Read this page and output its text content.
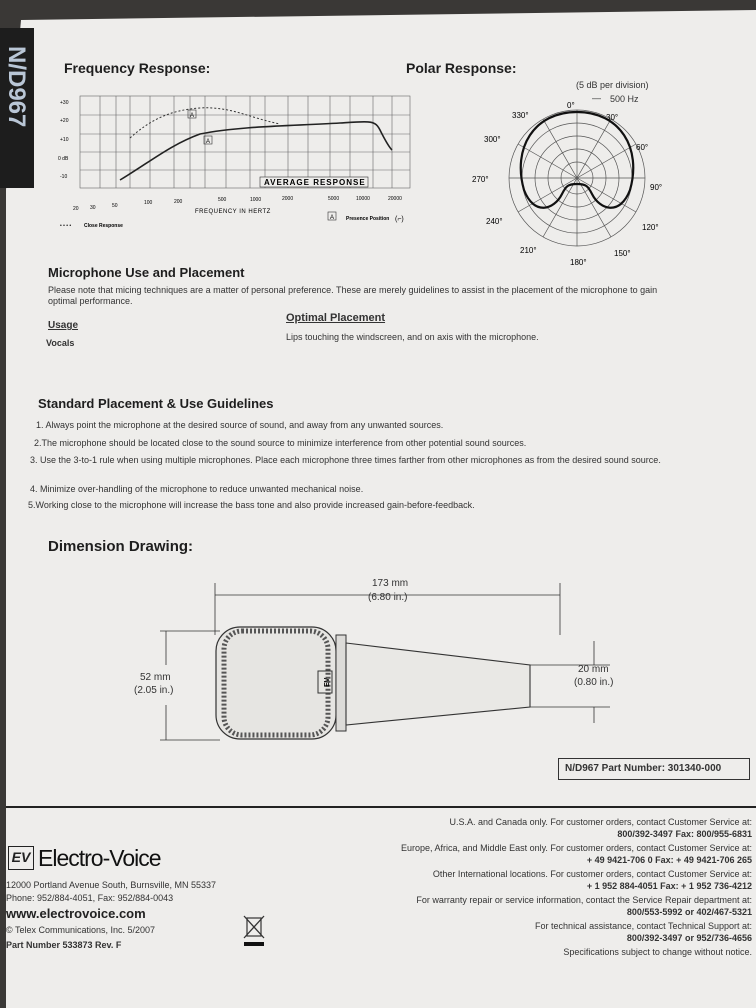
N/D967 Frequency Response:
+30
+20
+10
0 dB
-10
A
A
AVERAGE RESPONSE
20 30	50	100	200	500	1000	2000	5000	10000	20000
FREQUENCY IN HERTZ
• • • •	Close Response
A Presence Position (⌐)
Polar Response:
(5 dB per division)
— 500 Hz
0°
30°
60°
90°
120°
150°
180°
210°
240°
270°
300°
330°
Microphone Use and Placement
Please note that micing techniques are a matter of personal preference. These are merely guidelines to assist in the placement of the microphone to gain optimal performance.
Usage
Vocals
Optimal Placement
Lips touching the windscreen, and on axis with the microphone.
Standard Placement & Use Guidelines
1. Always point the microphone at the desired source of sound, and away from any unwanted sources.
2.The microphone should be located close to the sound source to minimize interference from other potential sound sources.
3. Use the 3-to-1 rule when using multiple microphones. Place each microphone three times farther from other microphones as from the desired sound source.
4. Minimize over-handling of the microphone to reduce unwanted mechanical noise.
5.Working close to the microphone will increase the bass tone and also provide increased gain-before-feedback.
Dimension Drawing:
EV
173 mm
(6.80 in.)
52 mm
(2.05 in.)
20 mm
(0.80 in.)
N/D967 Part Number: 301340-000
EV Electro-Voice
12000 Portland Avenue South, Burnsville, MN 55337
Phone: 952/884-4051, Fax: 952/884-0043
www.electrovoice.com
© Telex Communications, Inc. 5/2007
Part Number 533873 Rev. F
U.S.A. and Canada only. For customer orders, contact Customer Service at:
800/392-3497 Fax: 800/955-6831
Europe, Africa, and Middle East only. For customer orders, contact Customer Service at:
+ 49 9421-706 0 Fax: + 49 9421-706 265
Other International locations. For customer orders, contact Customer Service at:
+ 1 952 884-4051 Fax: + 1 952 736-4212
For warranty repair or service information, contact the Service Repair department at:
800/553-5992 or 402/467-5321
For technical assistance, contact Technical Support at:
800/392-3497 or 952/736-4656
Specifications subject to change without notice.
